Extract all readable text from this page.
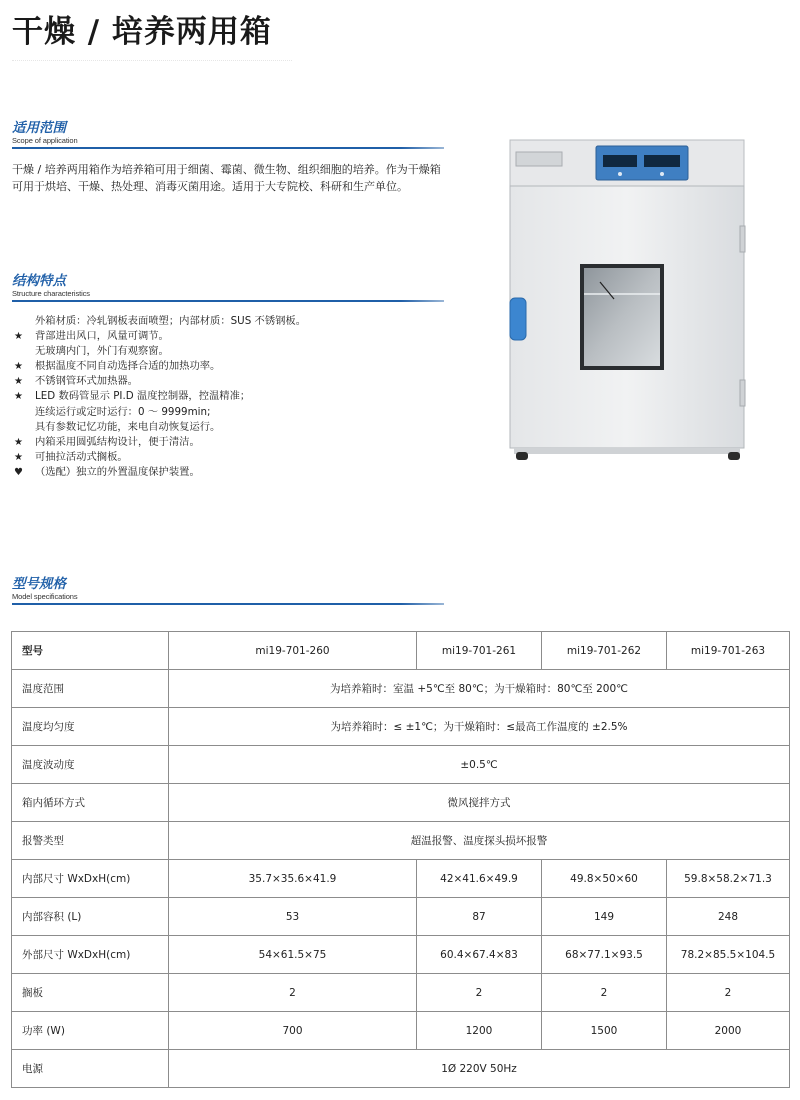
干燥 / 培养两用箱
适用范围
Scope of application
干燥 / 培养两用箱作为培养箱可用于细菌、霉菌、微生物、组织细胞的培养。作为干燥箱可用于烘培、干燥、热处理、消毒灭菌用途。适用于大专院校、科研和生产单位。
结构特点
Structure characteristics
外箱材质：冷轧钢板表面喷塑；内部材质：SUS 不锈钢板。
★	背部进出风口，风量可调节。
无玻璃内门，外门有观察窗。
★	根据温度不同自动选择合适的加热功率。
★	不锈钢管环式加热器。
★	LED 数码管显示 PI.D 温度控制器，控温精准；
连续运行或定时运行：0 ～ 9999min;
具有参数记忆功能，来电自动恢复运行。
★	内箱采用圆弧结构设计，便于清洁。
★	可抽拉活动式搁板。
♥	（选配）独立的外置温度保护装置。
型号规格
Model specifications
型号	mi19-701-260	mi19-701-261	mi19-701-262	mi19-701-263
温度范围	为培养箱时：室温 +5℃至 80℃；为干燥箱时：80℃至 200℃			
温度均匀度	为培养箱时：≤ ±1℃；为干燥箱时：≤最高工作温度的 ±2.5%			
温度波动度	±0.5℃			
箱内循环方式	微风搅拌方式			
报警类型	超温报警、温度探头损坏报警			
内部尺寸 WxDxH(cm)	35.7×35.6×41.9	42×41.6×49.9	49.8×50×60	59.8×58.2×71.3
内部容积 (L)	53	87	149	248
外部尺寸 WxDxH(cm)	54×61.5×75	60.4×67.4×83	68×77.1×93.5	78.2×85.5×104.5
搁板	2	2	2	2
功率 (W)	700	1200	1500	2000
电源	1Ø 220V 50Hz			
